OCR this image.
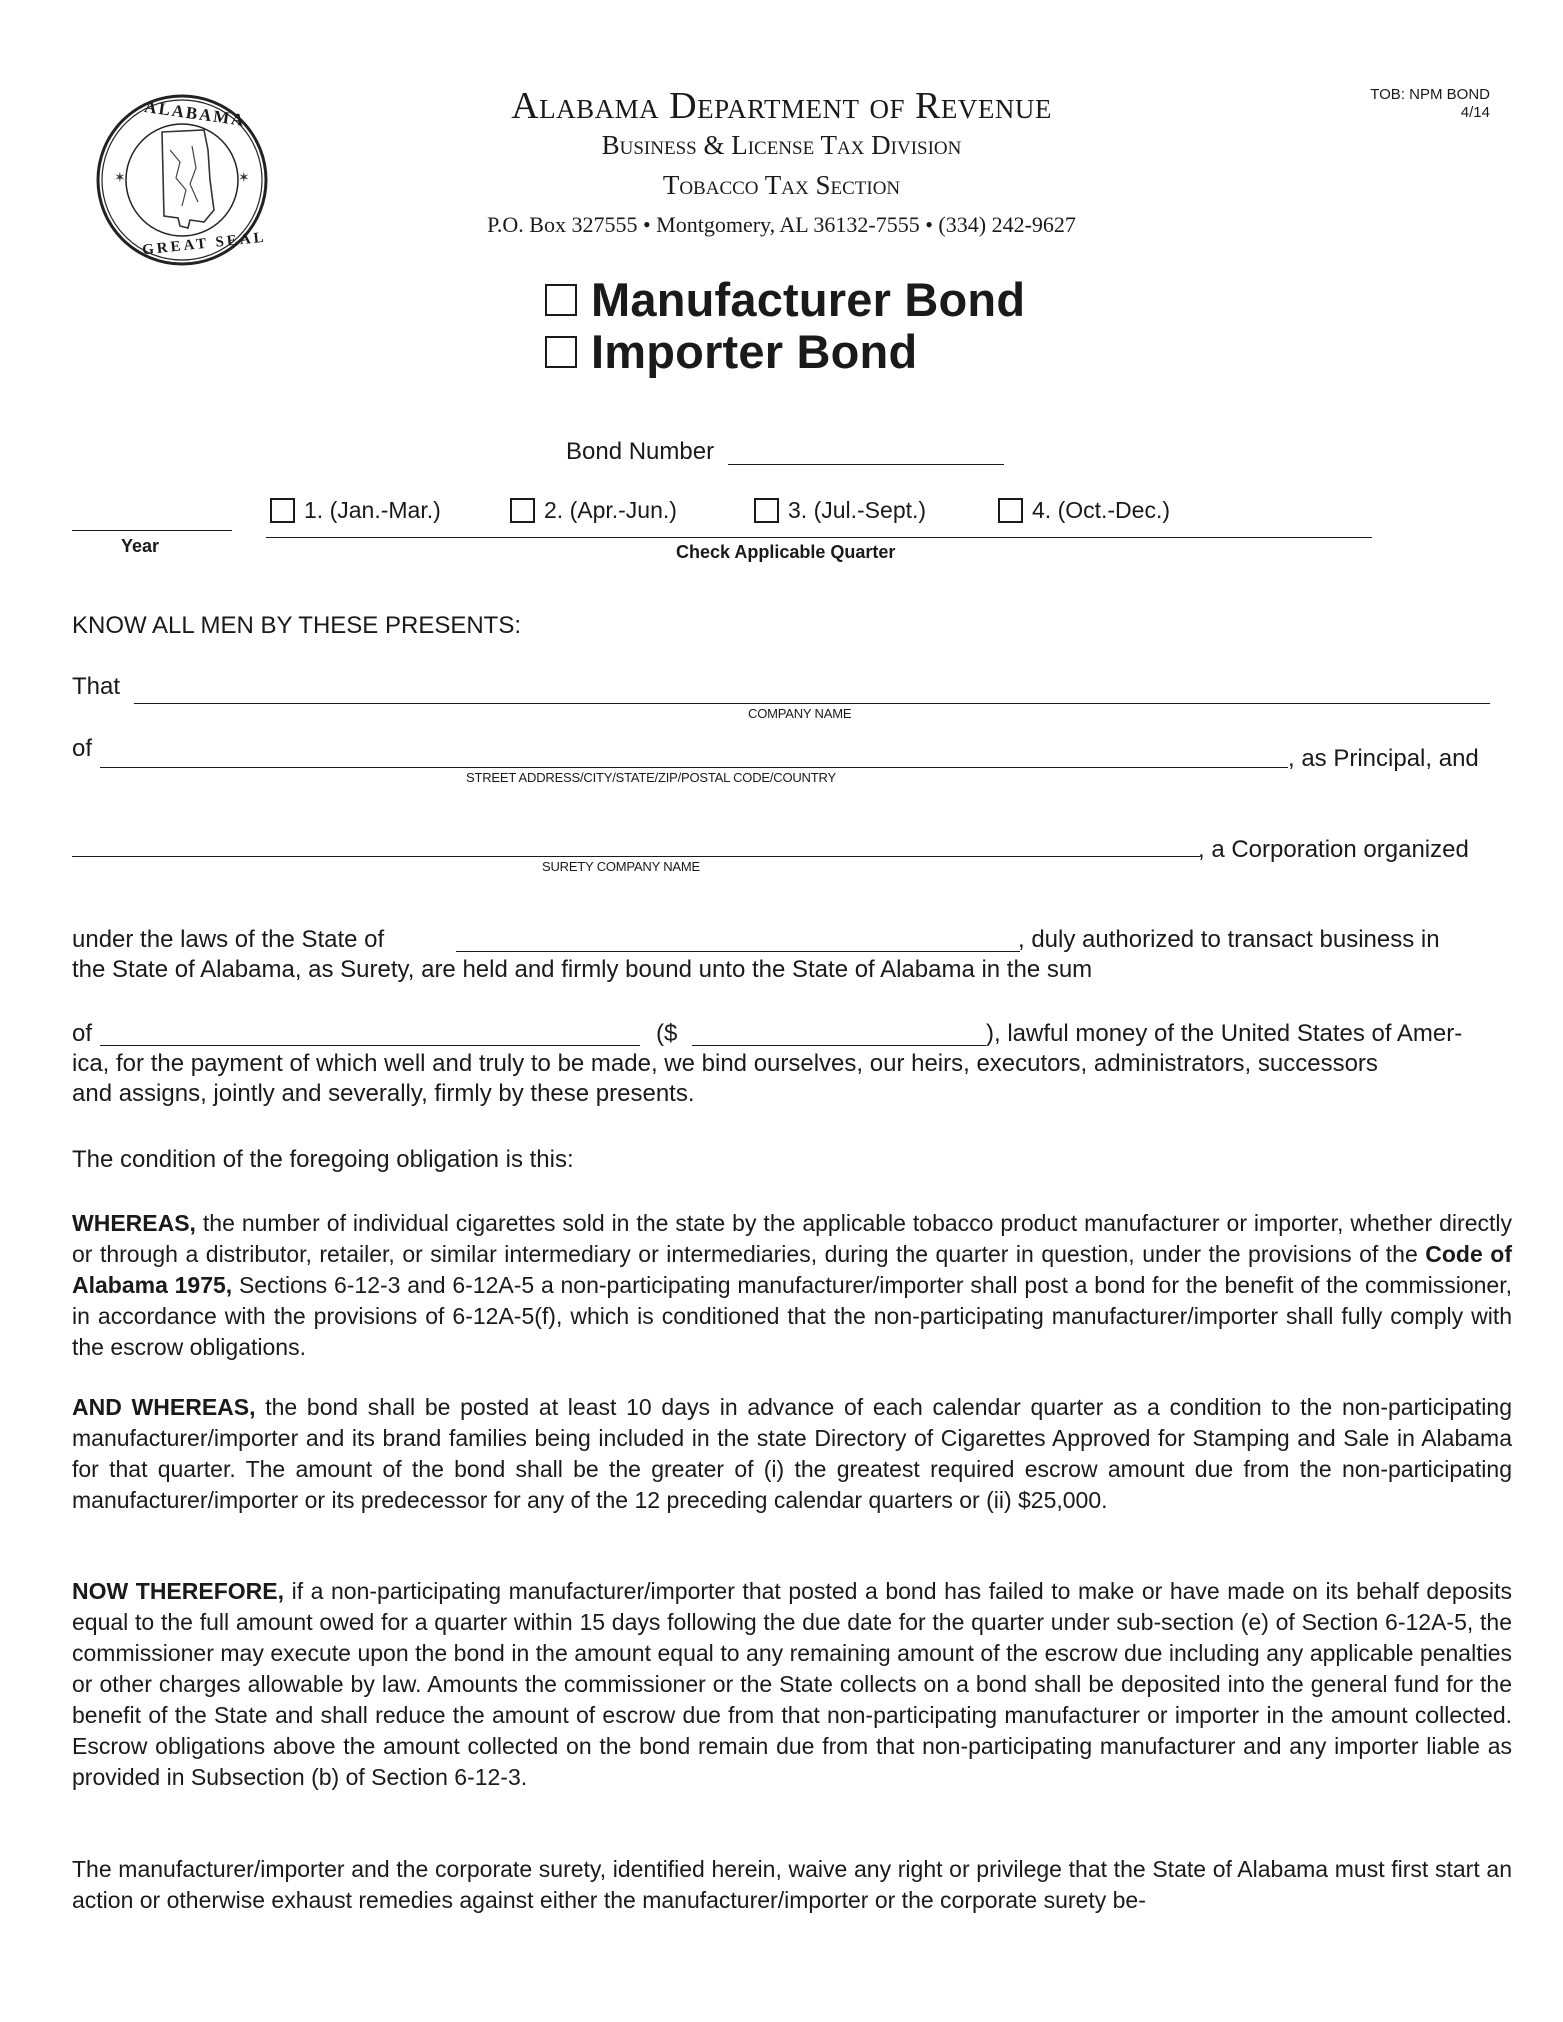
✶	✶
ALABAMA
GREAT SEAL
Alabama Department of Revenue
Business & License Tax Division
Tobacco Tax Section
P.O. Box 327555 • Montgomery, AL 36132-7555 • (334) 242-9627
TOB: NPM BOND
4/14
Manufacturer Bond
Importer Bond
Bond Number
Year
1. (Jan.-Mar.)	2. (Apr.-Jun.)	3. (Jul.-Sept.)	4. (Oct.-Dec.)
Check Applicable Quarter
KNOW ALL MEN BY THESE PRESENTS:
That
COMPANY NAME
of	, as Principal, and
STREET ADDRESS/CITY/STATE/ZIP/POSTAL CODE/COUNTRY
, a Corporation organized
SURETY COMPANY NAME
under the laws of the State of	, duly authorized to transact business in
the State of Alabama, as Surety, are held and firmly bound unto the State of Alabama in the sum
of	($	), lawful money of the United States of Amer-
ica, for the payment of which well and truly to be made, we bind ourselves, our heirs, executors, administrators, successors
and assigns, jointly and severally, firmly by these presents.
The condition of the foregoing obligation is this:
WHEREAS, the number of individual cigarettes sold in the state by the applicable tobacco product manufacturer or importer, whether directly or through a distributor, retailer, or similar intermediary or intermediaries, during the quarter in question, under the provisions of the Code of Alabama 1975, Sections 6-12-3 and 6-12A-5 a non-participating manufacturer/importer shall post a bond for the benefit of the commissioner, in accordance with the provisions of 6-12A-5(f), which is conditioned that the non-participating manufacturer/importer shall fully comply with the escrow obligations.
AND WHEREAS, the bond shall be posted at least 10 days in advance of each calendar quarter as a condition to the non-participating manufacturer/importer and its brand families being included in the state Directory of Cigarettes Approved for Stamping and Sale in Alabama for that quarter. The amount of the bond shall be the greater of (i) the greatest required escrow amount due from the non-participating manufacturer/importer or its predecessor for any of the 12 preceding calendar quarters or (ii) $25,000.
NOW THEREFORE, if a non-participating manufacturer/importer that posted a bond has failed to make or have made on its behalf deposits equal to the full amount owed for a quarter within 15 days following the due date for the quarter under sub-section (e) of Section 6-12A-5, the commissioner may execute upon the bond in the amount equal to any remaining amount of the escrow due including any applicable penalties or other charges allowable by law. Amounts the commissioner or the State collects on a bond shall be deposited into the general fund for the benefit of the State and shall reduce the amount of escrow due from that non-participating manufacturer or importer in the amount collected. Escrow obligations above the amount collected on the bond remain due from that non-participating manufacturer and any importer liable as provided in Subsection (b) of Section 6-12-3.
The manufacturer/importer and the corporate surety, identified herein, waive any right or privilege that the State of Alabama must first start an action or otherwise exhaust remedies against either the manufacturer/importer or the corporate surety be-
